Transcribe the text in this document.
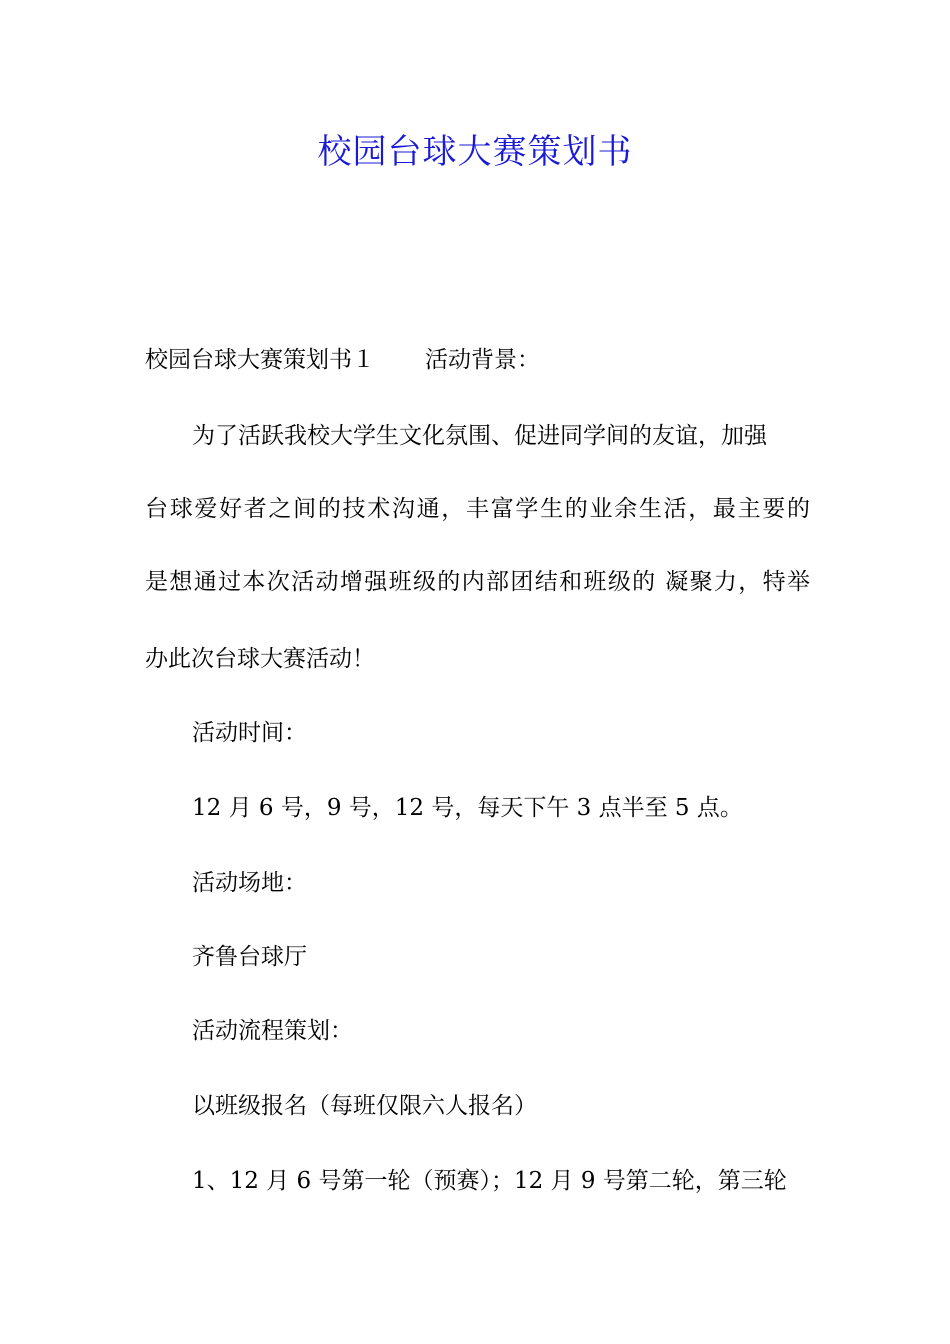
校园台球大赛策划书
校园台球大赛策划书１ 活动背景：
为了活跃我校大学生文化氛围、促进同学间的友谊，加强
台球爱好者之间的技术沟通，丰富学生的业余生活，最主要的
是想通过本次活动增强班级的内部团结和班级的 凝聚力，特举
办此次台球大赛活动！
活动时间：
12 月 6 号，9 号，12 号，每天下午 3 点半至 5 点。
活动场地：
齐鲁台球厅
活动流程策划：
以班级报名（每班仅限六人报名）
1、12 月 6 号第一轮（预赛）；12 月 9 号第二轮，第三轮
